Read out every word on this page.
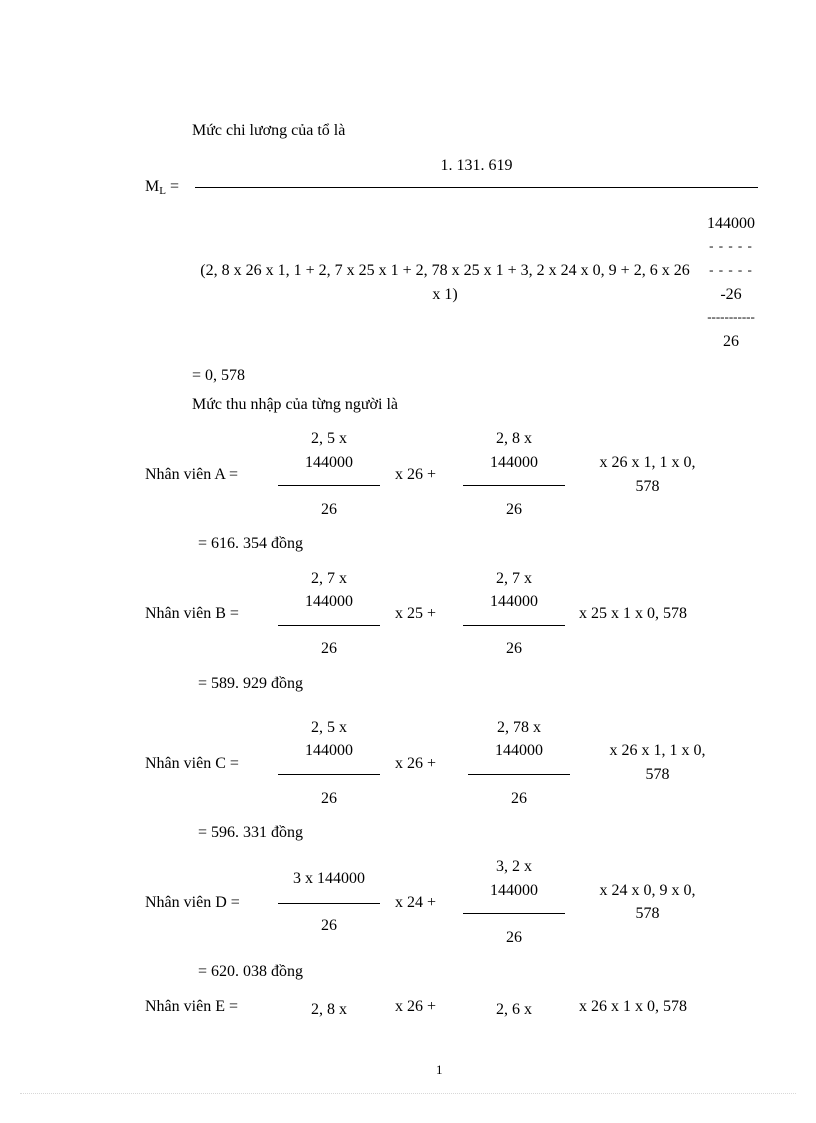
Mức chi lương của tổ là
$M_L$ =
1. 131. 619
(2, 8 x 26 x 1, 1 + 2, 7 x 25 x 1 + 2, 78 x 25 x 1 + 3, 2 x 24 x 0, 9 + 2, 6 x 26
x 1)
144000
- - - - -
- - - - -
-26
-----------
26
= 0, 578
Mức thu nhập của từng người là
Nhân viên A =
2, 5 x
144000
26
x 26 +
2, 8 x
144000
26
x 26 x 1, 1 x 0,
578
= 616. 354 đồng
Nhân viên B =
2, 7 x
144000
26
x 25 +
2, 7 x
144000
26
x 25 x 1 x 0, 578
= 589. 929 đồng
Nhân viên C =
2, 5 x
144000
26
x 26 +
2, 78 x
144000
26
x 26 x 1, 1 x 0,
578
= 596. 331 đồng
Nhân viên D =
3 x 144000
26
x 24 +
3, 2 x
144000
26
x 24 x 0, 9 x 0,
578
= 620. 038 đồng
Nhân viên E =	2, 8 x	x 26 +	2, 6 x	x 26 x 1 x 0, 578
1
